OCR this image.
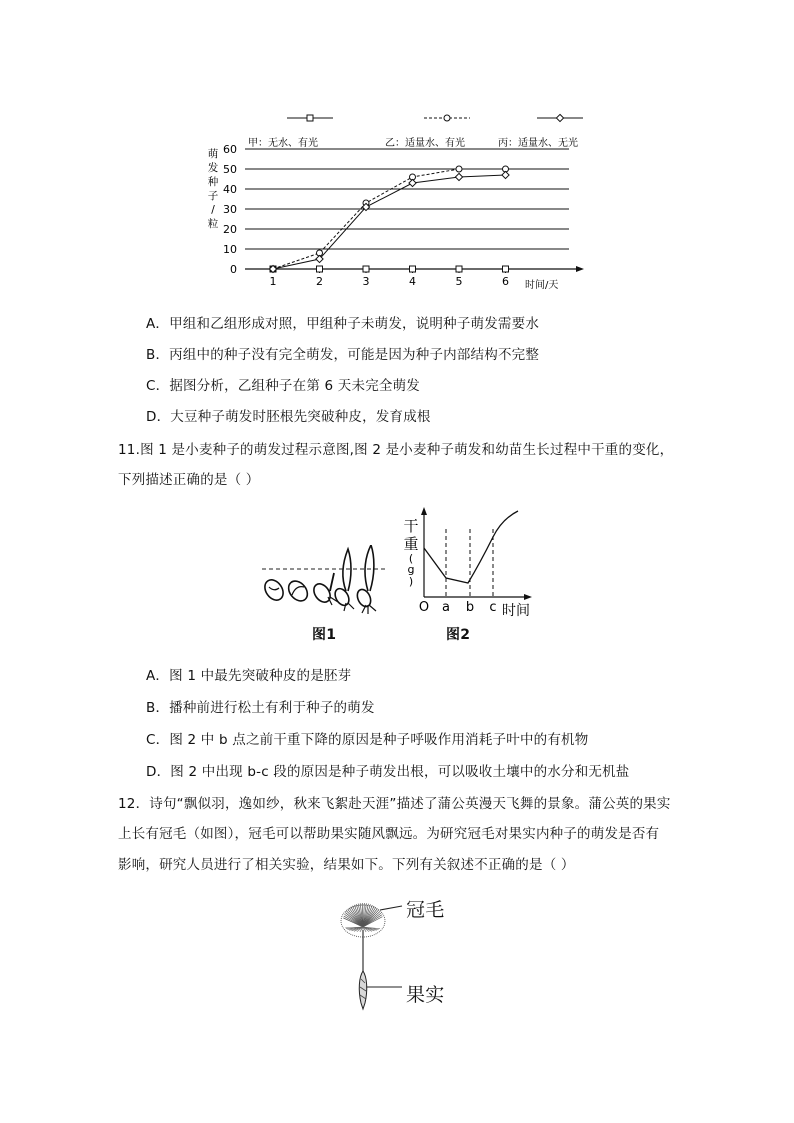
甲：无水、有光	乙：适量水、有光	丙：适量水、无光
萌
发
种
子
/
粒
0
10
20
30
40
50
60
1	2	3	4	5	6 时间/天
A．甲组和乙组形成对照，甲组种子未萌发，说明种子萌发需要水
B．丙组中的种子没有完全萌发，可能是因为种子内部结构不完整
C．据图分析，乙组种子在第 6 天未完全萌发
D．大豆种子萌发时胚根先突破种皮，发育成根
11.图 1 是小麦种子的萌发过程示意图,图 2 是小麦种子萌发和幼苗生长过程中干重的变化，
下列描述正确的是（ ）
干
重
(
g
)
O a b c 时间
图1	图2
A．图 1 中最先突破种皮的是胚芽
B．播种前进行松土有利于种子的萌发
C．图 2 中 b 点之前干重下降的原因是种子呼吸作用消耗子叶中的有机物
D．图 2 中出现 b-c 段的原因是种子萌发出根，可以吸收土壤中的水分和无机盐
12．诗句“飘似羽，逸如纱，秋来飞絮赴天涯”描述了蒲公英漫天飞舞的景象。蒲公英的果实
上长有冠毛（如图），冠毛可以帮助果实随风飘远。为研究冠毛对果实内种子的萌发是否有
影响，研究人员进行了相关实验，结果如下。下列有关叙述不正确的是（ ）
冠毛
果实
